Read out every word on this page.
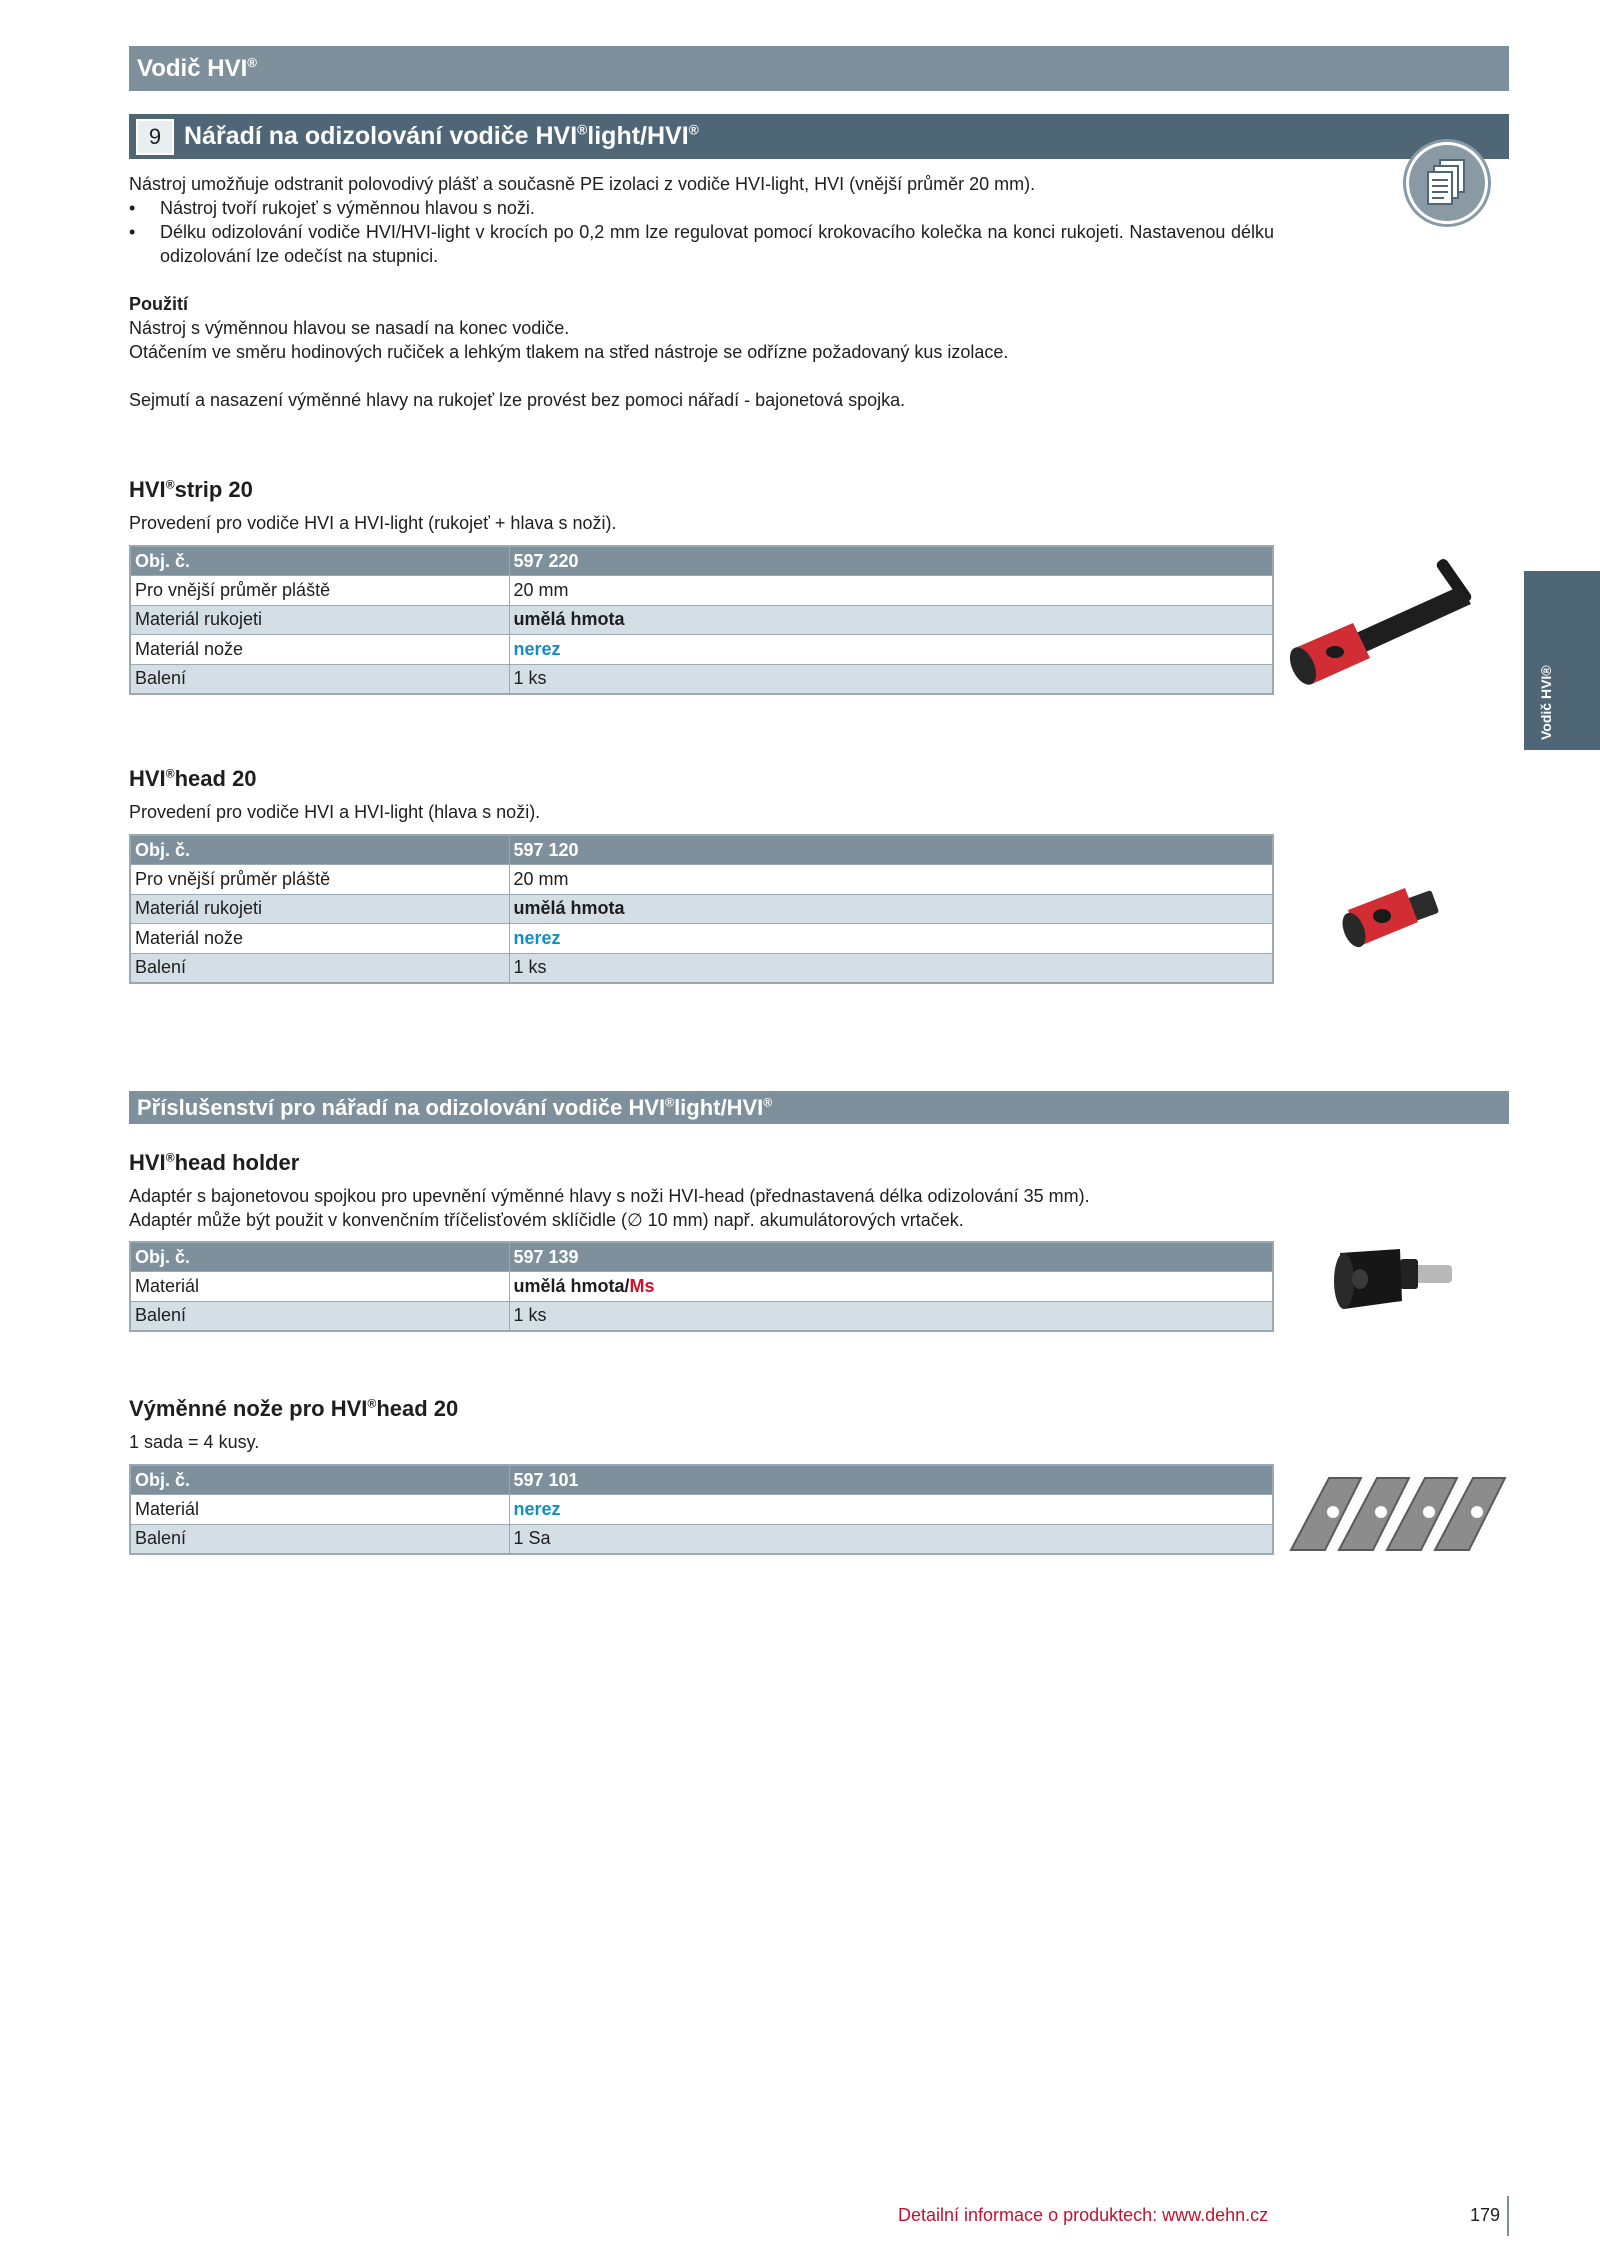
Vodič HVI®
9 Nářadí na odizolování vodiče HVI®light/HVI®
Vodič HVI®

Nástroj umožňuje odstranit polovodivý plášť a současně PE izolaci z vodiče HVI-light, HVI (vnější průměr 20 mm).

• Nástroj tvoří rukojeť s výměnnou hlavou s noži.
• Délku odizolování vodiče HVI/HVI-light v krocích po 0,2 mm lze regulovat pomocí krokovacího kolečka na konci rukojeti. Nastavenou délku odizolování lze odečíst na stupnici.

Použití

Nástroj s výměnnou hlavou se nasadí na konec vodiče.

Otáčením ve směru hodinových ručiček a lehkým tlakem na střed nástroje se odřízne požadovaný kus izolace.

Sejmutí a nasazení výměnné hlavy na rukojeť lze provést bez pomoci nářadí - bajonetová spojka.

HVI®strip 20
Provedení pro vodiče HVI a HVI-light (rukojeť + hlava s noži).
Obj. č.	597 220
Pro vnější průměr pláště	20 mm
Materiál rukojeti	umělá hmota
Materiál nože	nerez
Balení	1 ks
HVI®head 20
Provedení pro vodiče HVI a HVI-light (hlava s noži).
Obj. č.	597 120
Pro vnější průměr pláště	20 mm
Materiál rukojeti	umělá hmota
Materiál nože	nerez
Balení	1 ks
Příslušenství pro nářadí na odizolování vodiče HVI®light/HVI®
HVI®head holder

Adaptér s bajonetovou spojkou pro upevnění výměnné hlavy s noži HVI-head (přednastavená délka odizolování 35 mm).

Adaptér může být použit v konvenčním tříčelisťovém sklíčidle (∅ 10 mm) např. akumulátorových vrtaček.

Obj. č.	597 139
Materiál	umělá hmota/Ms
Balení	1 ks
Výměnné nože pro HVI®head 20
1 sada = 4 kusy.
Obj. č.	597 101
Materiál	nerez
Balení	1 Sa
Detailní informace o produktech: www.dehn.cz	179
